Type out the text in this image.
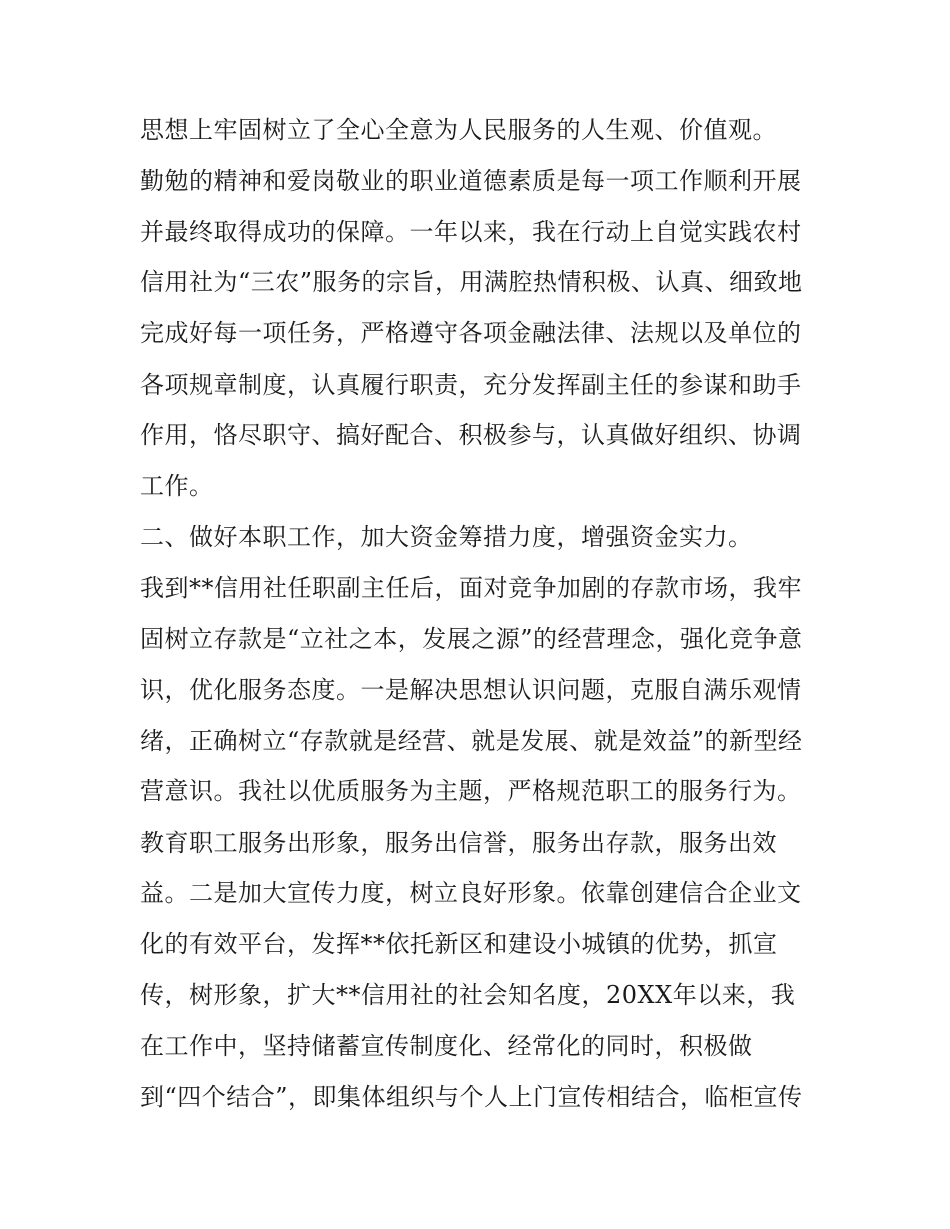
思想上牢固树立了全心全意为人民服务的人生观、价值观。
勤勉的精神和爱岗敬业的职业道德素质是每一项工作顺利开展
并最终取得成功的保障。一年以来，我在行动上自觉实践农村
信用社为“三农”服务的宗旨，用满腔热情积极、认真、细致地
完成好每一项任务，严格遵守各项金融法律、法规以及单位的
各项规章制度，认真履行职责，充分发挥副主任的参谋和助手
作用，恪尽职守、搞好配合、积极参与，认真做好组织、协调
工作。
二、做好本职工作，加大资金筹措力度，增强资金实力。
我到**信用社任职副主任后，面对竞争加剧的存款市场，我牢
固树立存款是“立社之本，发展之源”的经营理念，强化竞争意
识，优化服务态度。一是解决思想认识问题，克服自满乐观情
绪，正确树立“存款就是经营、就是发展、就是效益”的新型经
营意识。我社以优质服务为主题，严格规范职工的服务行为。
教育职工服务出形象，服务出信誉，服务出存款，服务出效
益。二是加大宣传力度，树立良好形象。依靠创建信合企业文
化的有效平台，发挥**依托新区和建设小城镇的优势，抓宣
传，树形象，扩大**信用社的社会知名度，20XX年以来，我
在工作中，坚持储蓄宣传制度化、经常化的同时，积极做
到“四个结合”，即集体组织与个人上门宣传相结合，临柜宣传
